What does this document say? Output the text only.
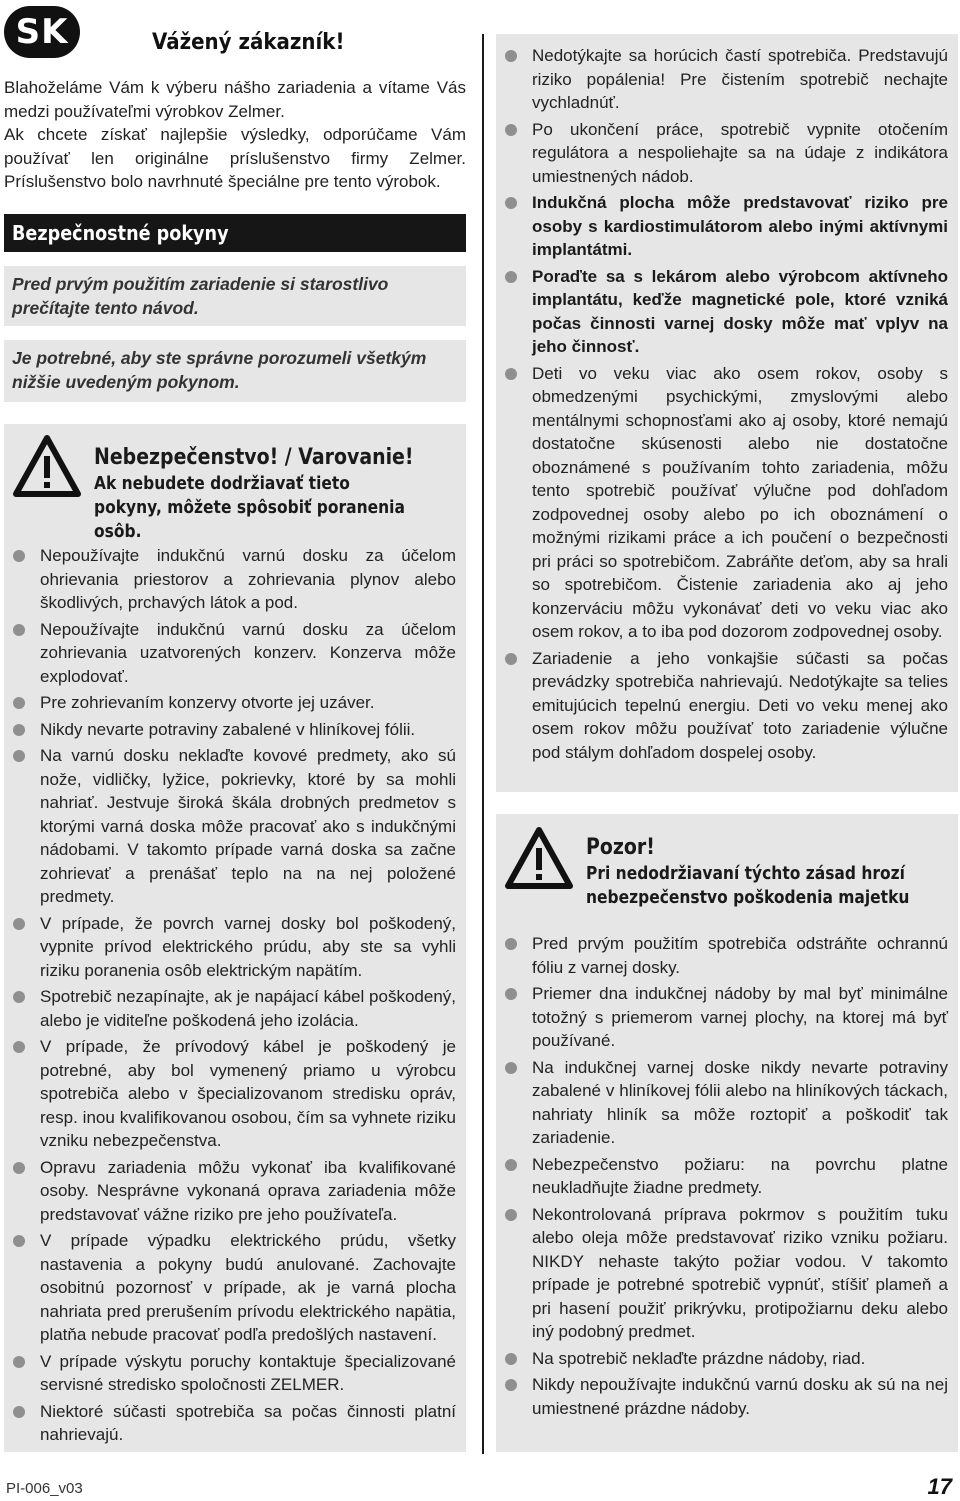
SK	Vážený zákazník!

Blahoželáme Vám k výberu nášho zariadenia a vítame Vás medzi používateľmi výrobkov Zelmer.

Ak chcete získať najlepšie výsledky, odporúčame Vám používať len originálne príslušenstvo firmy Zelmer. Príslušenstvo bolo navrhnuté špeciálne pre tento výrobok.

Bezpečnostné pokyny
Pred prvým použitím zariadenie si starostlivo prečítajte tento návod.
Je potrebné, aby ste správne porozumeli všetkým nižšie uvedeným pokynom.
Nebezpečenstvo! / Varovanie!
Ak nebudete dodržiavať tieto pokyny, môžete spôsobiť poranenia osôb.
Nepoužívajte indukčnú varnú dosku za účelom ohrievania priestorov a zohrievania plynov alebo škodlivých, prchavých látok a pod.
Nepoužívajte indukčnú varnú dosku za účelom zohrievania uzatvorených konzerv. Konzerva môže explodovať.
Pre zohrievaním konzervy otvorte jej uzáver.
Nikdy nevarte potraviny zabalené v hliníkovej fólii.
Na varnú dosku neklaďte kovové predmety, ako sú nože, vidličky, lyžice, pokrievky, ktoré by sa mohli nahriať. Jestvuje široká škála drobných predmetov s ktorými varná doska môže pracovať ako s indukčnými nádobami. V takomto prípade varná doska sa začne zohrievať a prenášať teplo na na nej položené predmety.
V prípade, že povrch varnej dosky bol poškodený, vypnite prívod elektrického prúdu, aby ste sa vyhli riziku poranenia osôb elektrickým napätím.
Spotrebič nezapínajte, ak je napájací kábel poškodený, alebo je viditeľne poškodená jeho izolácia.
V prípade, že prívodový kábel je poškodený je potrebné, aby bol vymenený priamo u výrobcu spotrebiča alebo v špecializovanom stredisku opráv, resp. inou kvalifikovanou osobou, čím sa vyhnete riziku vzniku nebezpečenstva.
Opravu zariadenia môžu vykonať iba kvalifikované osoby. Nesprávne vykonaná oprava zariadenia môže predstavovať vážne riziko pre jeho používateľa.
V prípade výpadku elektrického prúdu, všetky nastavenia a pokyny budú anulované. Zachovajte osobitnú pozornosť v prípade, ak je varná plocha nahriata pred prerušením prívodu elektrického napätia, platňa nebude pracovať podľa predošlých nastavení.
V prípade výskytu poruchy kontaktuje špecializované servisné stredisko spoločnosti ZELMER.
Niektoré súčasti spotrebiča sa počas činnosti platní nahrievajú.
Nedotýkajte sa horúcich častí spotrebiča. Predstavujú riziko popálenia! Pre čistením spotrebič nechajte vychladnúť.
Po ukončení práce, spotrebič vypnite otočením regulátora a nespoliehajte sa na údaje z indikátora umiestnených nádob.
Indukčná plocha môže predstavovať riziko pre osoby s kardiostimulátorom alebo inými aktívnymi implantátmi.
Poraďte sa s lekárom alebo výrobcom aktívneho implantátu, keďže magnetické pole, ktoré vzniká počas činnosti varnej dosky môže mať vplyv na jeho činnosť.
Deti vo veku viac ako osem rokov, osoby s obmedzenými psychickými, zmyslovými alebo mentálnymi schopnosťami ako aj osoby, ktoré nemajú dostatočne skúsenosti alebo nie dostatočne oboznámené s používaním tohto zariadenia, môžu tento spotrebič používať výlučne pod dohľadom zodpovednej osoby alebo po ich oboznámení o možnými rizikami práce a ich poučení o bezpečnosti pri práci so spotrebičom. Zabráňte deťom, aby sa hrali so spotrebičom. Čistenie zariadenia ako aj jeho konzerváciu môžu vykonávať deti vo veku viac ako osem rokov, a to iba pod dozorom zodpovednej osoby.
Zariadenie a jeho vonkajšie súčasti sa počas prevádzky spotrebiča nahrievajú. Nedotýkajte sa telies emitujúcich tepelnú energiu. Deti vo veku menej ako osem rokov môžu používať toto zariadenie výlučne pod stálym dohľadom dospelej osoby.
Pozor!
Pri nedodržiavaní týchto zásad hrozí nebezpečenstvo poškodenia majetku
Pred prvým použitím spotrebiča odstráňte ochrannú fóliu z varnej dosky.
Priemer dna indukčnej nádoby by mal byť minimálne totožný s priemerom varnej plochy, na ktorej má byť používané.
Na indukčnej varnej doske nikdy nevarte potraviny zabalené v hliníkovej fólii alebo na hliníkových táckach, nahriaty hliník sa môže roztopiť a poškodiť tak zariadenie.
Nebezpečenstvo požiaru: na povrchu platne neukladňujte žiadne predmety.
Nekontrolovaná príprava pokrmov s použitím tuku alebo oleja môže predstavovať riziko vzniku požiaru. NIKDY nehaste takýto požiar vodou. V takomto prípade je potrebné spotrebič vypnúť, stíšiť plameň a pri hasení použiť prikrývku, protipožiarnu deku alebo iný podobný predmet.
Na spotrebič neklaďte prázdne nádoby, riad.
Nikdy nepoužívajte indukčnú varnú dosku ak sú na nej umiestnené prázdne nádoby.
PI-006_v03	17
